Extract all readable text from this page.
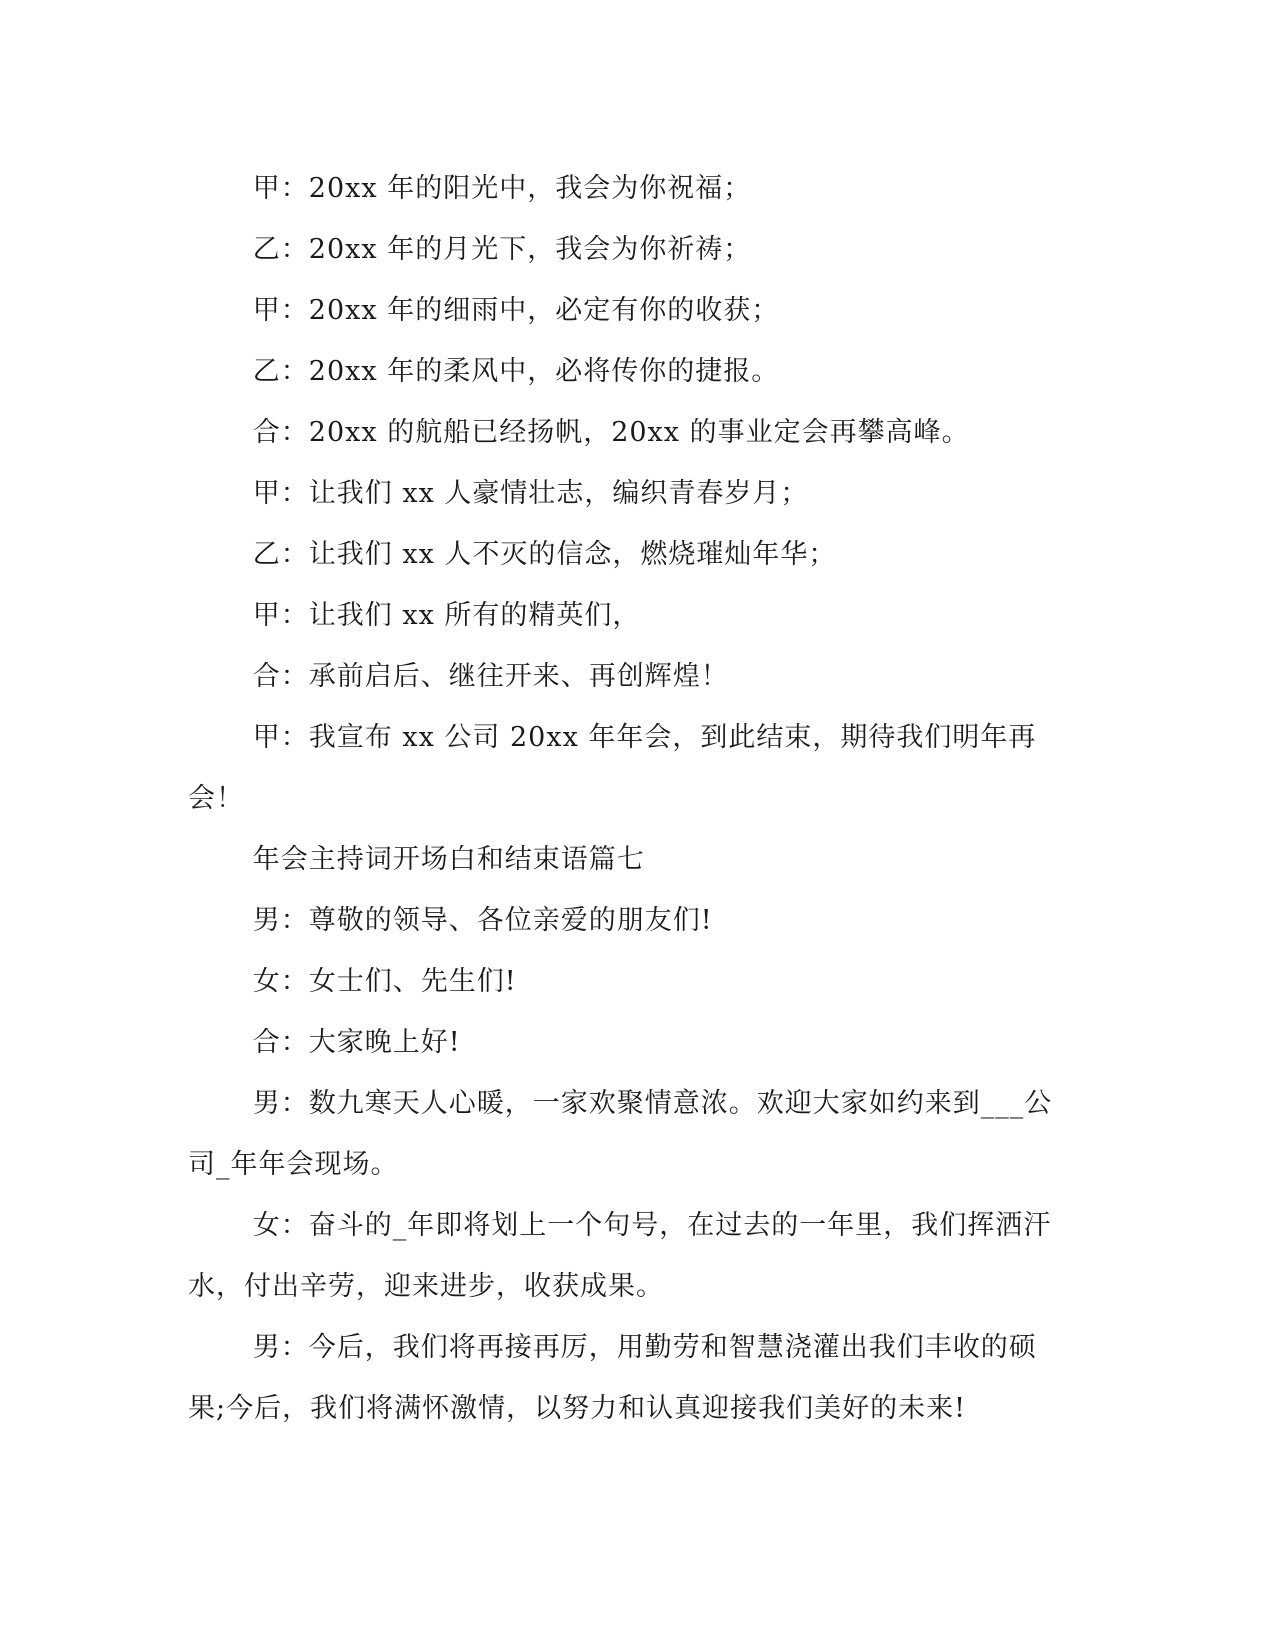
甲：20xx 年的阳光中，我会为你祝福；

乙：20xx 年的月光下，我会为你祈祷；

甲：20xx 年的细雨中，必定有你的收获；

乙：20xx 年的柔风中，必将传你的捷报。

合：20xx 的航船已经扬帆，20xx 的事业定会再攀高峰。

甲：让我们 xx 人豪情壮志，编织青春岁月；

乙：让我们 xx 人不灭的信念，燃烧璀灿年华；

甲：让我们 xx 所有的精英们，

合：承前启后、继往开来、再创辉煌！

甲：我宣布 xx 公司 20xx 年年会，到此结束，期待我们明年再会！

年会主持词开场白和结束语篇七

男：尊敬的领导、各位亲爱的朋友们!

女：女士们、先生们!

合：大家晚上好!

男：数九寒天人心暖，一家欢聚情意浓。欢迎大家如约来到___公司_年年会现场。

女：奋斗的_年即将划上一个句号，在过去的一年里，我们挥洒汗水，付出辛劳，迎来进步，收获成果。

男：今后，我们将再接再厉，用勤劳和智慧浇灌出我们丰收的硕果;今后，我们将满怀激情，以努力和认真迎接我们美好的未来!
